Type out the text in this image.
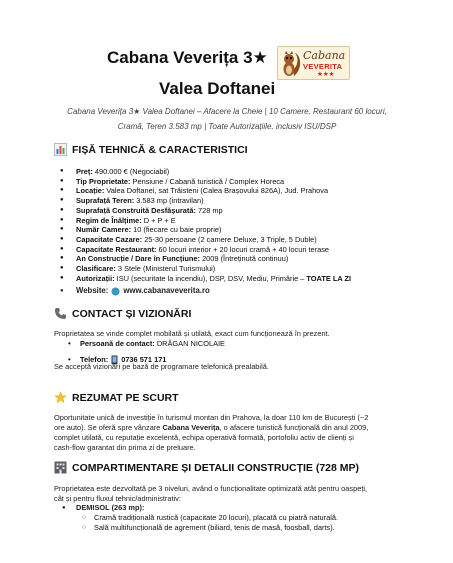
Cabana Veverița 3★
Valea Doftanei
Cabana
VEVERITA
★★★
Cabana Veverița 3★ Valea Doftanei – Afacere la Cheie | 10 Camere, Restaurant 60 locuri,
Cramă, Teren 3.583 mp | Toate Autorizațiile, inclusiv ISU/DSP
FIȘĂ TEHNICĂ & CARACTERISTICI
● Preț: 490.000 € (Negociabil)
● Tip Proprietate: Pensiune / Cabană turistică / Complex Horeca
● Locație: Valea Doftanei, sat Trăisteni (Calea Brașovului 826A), Jud. Prahova
● Suprafață Teren: 3.583 mp (intravilan)
● Suprafață Construită Desfășurată: 728 mp
● Regim de Înălțime: D + P + E
● Număr Camere: 10 (fiecare cu baie proprie)
● Capacitate Cazare: 25-30 persoane (2 camere Deluxe, 3 Triple, 5 Duble)
● Capacitate Restaurant: 60 locuri interior + 20 locuri cramă + 40 locuri terase
● An Construcție / Dare în Funcțiune: 2009 (Întreținută continuu)
● Clasificare: 3 Stele (Ministerul Turismului)
● Autorizații: ISU (securitate la incendiu), DSP, DSV, Mediu, Primărie – TOATE LA ZI
● Website: www.cabanaveverita.ro
CONTACT ȘI VIZIONĂRI
Proprietatea se vinde complet mobilată și utilată, exact cum funcționează în prezent.
• Persoană de contact: DRĂGAN NICOLAIE
• Telefon: 0736 571 171
Se acceptă vizionări pe bază de programare telefonică prealabilă.
REZUMAT PE SCURT
Oportunitate unică de investiție în turismul montan din Prahova, la doar 110 km de București (~2
ore auto). Se oferă spre vânzare Cabana Veverița, o afacere turistică funcțională din anul 2009,
complet utilată, cu reputație excelentă, echipa operativă formată, portofoliu activ de clienți și
cash-flow garantat din prima zi de preluare.
COMPARTIMENTARE ȘI DETALII CONSTRUCȚIE (728 MP)
Proprietatea este dezvoltată pe 3 niveluri, având o funcționalitate optimizată atât pentru oaspeți,
cât și pentru fluxul tehnic/administrativ:
● DEMISOL (263 mp):
○ Cramă tradițională rustică (capacitate 20 locuri), placată cu piatră naturală.
○ Sală multifuncțională de agrement (biliard, tenis de masă, foosball, darts).
